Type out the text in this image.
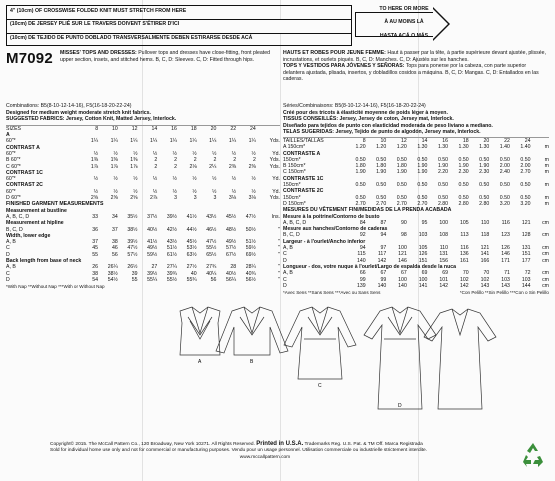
4" (10cm) OF CROSSWISE FOLDED KNIT MUST STRETCH FROM HERE
(10cm) DE JERSEY PLIÉ SUR LE TRAVERS DOIVENT S'ÉTIRER D'ICI
(10cm) DE TEJIDO DE PUNTO DOBLADO TRANSVERSALMENTE DEBEN ESTIRARSE DESDE ACÁ
TO HERE OR MORE
À AU MOINS LÀ
HASTA ACÁ O MÁS
M7092 MISSES' TOPS AND DRESSES: Pullover tops and dresses have close-fitting, front pleated upper section, insets, and stitched hems. B, C, D: Sleeves. C, D: Fitted through hips.
HAUTS ET ROBES POUR JEUNE FEMME: Haut à passer par la tête, à partie supérieure devant ajustée, plissée, incrustations, et ourlets piqués. B, C, D: Manches. C, D: Ajustés sur les hanches.
TOPS Y VESTIDOS PARA JÓVENES Y SEÑORAS: Tops para ponerse por la cabeza, con parte superior delantera ajustada, plisada, insertos, y dobladillos cosidos a máquina. B, C, D: Mangas. C, D: Entallados en las caderas.
Combinations: B5(8-10-12-14-16), F5(16-18-20-22-24)
Designed for medium weight moderate stretch knit fabrics.
SUGGESTED FABRICS: Jersey, Cotton Knit, Matted Jersey, Interlock.
SIZES	8	10	12	14	16	18	20	22	24	
A										
60"*	1¼	1¼	1¼	1¼	1¼	1¼	1¼	1¼	1¼	Yds.
CONTRAST A										
60"*	½	½	½	½	½	½	½	½	½	Yd.
B 60"*	1⅜	1⅜	1⅜	2	2	2	2	2	2	Yds.
C 60"*	1⅞	1⅞	1⅞	2	2	2⅛	2¼	2⅜	2⅜	Yds.
CONTRAST 1C										
60"*	½	½	½	½	½	½	½	½	½	Yd.
CONTRAST 2C										
60"*	½	½	½	½	½	½	½	½	½	Yd.
D 60"*	2⅝	2⅝	2⅝	2⅞	3	3	3	3⅛	3⅛	Yds.
FINISHED GARMENT MEASUREMENTS										
Measurement at bustline										
A, B, C, D	33	34	35½	37½	39½	41½	43½	45½	47½	Ins.
Measurement at hipline										
B, C, D	36	37	38½	40½	42½	44½	46½	48½	50½	"
Width, lower edge										
A, B	37	38	39½	41½	43½	45½	47½	49½	51½	"
C	45	46	47½	49½	51½	53½	55½	57½	59½	"
D	55	56	57½	59½	61½	63½	65½	67½	69½	"
Back length from base of neck										
A, B	26	26¼	26½	27	27¼	27½	27¾	28	28¼	"
C	38	38½	39	39½	39¾	40	40¼	40½	40¾	"
D	54	54½	55	55¼	55½	55¾	56	56¼	56½	"
*With Nap **Without Nap ***With or Without Nap
Séries/Combinaisons: B5(8-10-12-14-16), F5(16-18-20-22-24)
Créé pour des tricots à élasticité moyenne de poids léger à moyen.
TISSUS CONSEILLÉS: Jersey, Jersey de coton, Jersey mat, Interlock.
Diseñado para tejidos de punto con elasticidad moderada de peso liviano a mediano.
TELAS SUGERIDAS: Jersey, Tejido de punto de algodón, Jersey mate, Interlock.
TAILLES/TALLAS	8	10	12	14	16	18	20	22	24	
A 150cm*	1.20	1.20	1.20	1.30	1.30	1.30	1.30	1.40	1.40	m
CONTRASTE A										
150cm*	0.50	0.50	0.50	0.50	0.50	0.50	0.50	0.50	0.50	m
B 150cm*	1.80	1.80	1.80	1.90	1.90	1.90	1.90	2.00	2.00	m
C 150cm*	1.90	1.90	1.90	1.90	2.20	2.30	2.30	2.40	2.70	m
CONTRASTE 1C										
150cm*	0.50	0.50	0.50	0.50	0.50	0.50	0.50	0.50	0.50	m
CONTRASTE 2C										
150cm*	0.50	0.50	0.50	0.50	0.50	0.50	0.50	0.50	0.50	m
D 150cm*	2.70	2.70	2.70	2.70	2.80	2.80	2.80	3.20	3.20	m
MESURES DU VÊTEMENT FINI/MEDIDAS DE LA PRENDA ACABADA										
Mesure à la poitrine/Contorno de busto										
A, B, C, D	84	87	90	95	100	105	110	116	121	cm
Mesure aux hanches/Contorno de caderas										
B, C, D	92	94	98	103	108	113	118	123	128	cm
Largeur - à l'ourlet/Ancho inferior										
A, B	94	97	100	105	110	116	121	126	131	cm
C	115	117	121	126	131	136	141	146	151	cm
D	140	142	146	151	156	161	166	171	177	cm
Longueur - dos, votre nuque à l'ourlet/Largo de espalda desde la nuca										
A, B	66	67	67	69	69	70	70	71	72	cm
C	99	99	100	100	101	102	102	103	103	cm
D	139	140	140	141	142	142	143	143	144	cm
*Avec Sens **Sans Sens ***Avec ou Sans Sens	*Con Pelillo **Sin Pelillo ***Con o Sin Pelillo
A	B
C
D
Copyright© 2015. The McCall Pattern Co., 120 Broadway, New York 10271. All Rights Reserved. Printed in U.S.A. Trademarks Reg. U.S. Pat. & TM Off. Marca Registrada
Sold for individual home use only and not for commercial or manufacturing purposes. Vendu pour un usage personnel. Utilisation commerciale ou industrielle strictement interdite.

www.mccallpattern.com
